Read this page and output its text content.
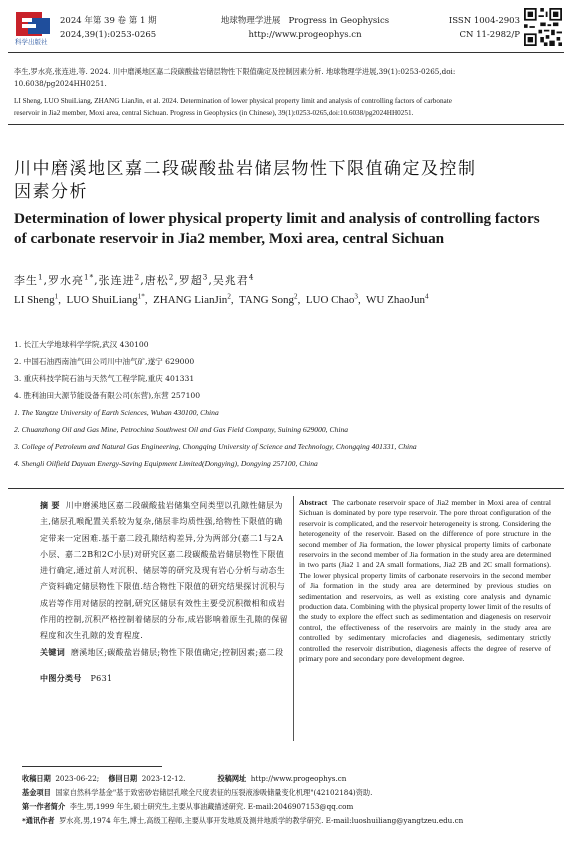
科学出版社
2024 年第 39 卷 第 1 期
2024,39(1):0253-0265
地球物理学进展 Progress in Geophysics
http://www.progeophys.cn
ISSN 1004-2903
CN 11-2982/P
李生,罗水亮,张连进,等. 2024. 川中磨溪地区嘉二段碳酸盐岩储层物性下限值确定及控制因素分析. 地球物理学进展,39(1):0253-0265,doi:
10.6038/pg2024HH0251.
LI Sheng, LUO ShuiLiang, ZHANG LianJin, et al. 2024. Determination of lower physical property limit and analysis of controlling factors of carbonate
reservoir in Jia2 member, Moxi area, central Sichuan. Progress in Geophysics (in Chinese), 39(1):0253-0265,doi:10.6038/pg2024HH0251.
川中磨溪地区嘉二段碳酸盐岩储层物性下限值确定及控制
因素分析
Determination of lower physical property limit and analysis of controlling factors
of carbonate reservoir in Jia2 member, Moxi area, central Sichuan
李生$^1$,罗水亮$^{1*}$,张连进$^2$,唐松$^2$,罗超$^3$,吴兆君$^4$
LI Sheng$^1$,  LUO ShuiLiang$^{1*}$,  ZHANG LianJin$^2$,  TANG Song$^2$,  LUO Chao$^3$,  WU ZhaoJun$^4$
1. 长江大学地球科学学院,武汉 430100
2. 中国石油西南油气田公司川中油气矿,遂宁 629000
3. 重庆科技学院石油与天然气工程学院,重庆 401331
4. 胜利油田大源节能设备有限公司(东营),东营 257100
1. The Yangtze University of Earth Sciences, Wuhan 430100, China
2. Chuanzhong Oil and Gas Mine, Petrochina Southwest Oil and Gas Field Company, Suining 629000, China
3. College of Petroleum and Natural Gas Engineering, Chongqing University of Science and Technology, Chongqing 401331, China
4. Shengli Oilfield Dayuan Energy-Saving Equipment Limited(Dongying), Dongying 257100, China
摘 要 川中磨溪地区嘉二段碳酸盐岩储集空间类型以孔隙性储层为主,储层孔喉配置关系较为复杂,储层非均质性强,给物性下限值的确定带来一定困难.基于嘉二段孔隙结构差异,分为两部分(嘉二1与2A小层、嘉二2B和2C小层)对研究区嘉二段碳酸盐岩储层物性下限值进行确定,通过前人对沉积、储层等的研究及现有岩心分析与动态生产资料确定储层物性下限值.结合物性下限值的研究结果探讨沉积与成岩等作用对储层的控制,研究区储层有效性主要受沉积微相和成岩作用的控制,沉积严格控制着储层的分布,成岩影响着原生孔隙的保留程度和次生孔隙的发育程度.
关键词 磨溪地区;碳酸盐岩储层;物性下限值确定;控制因素;嘉二段
中图分类号 P631
Abstract The carbonate reservoir space of Jia2 member in Moxi area of central Sichuan is dominated by pore type reservoir. The pore throat configuration of the reservoir is complicated, and the reservoir heterogeneity is strong. Considering the heterogeneity of the reservoir. Based on the difference of pore structure in the second member of Jia formation, the lower physical property limits of carbonate reservoirs in the second member of Jia formation in the study area are determined in two parts (Jia2 1 and 2A small formations, Jia2 2B and 2C small formations). The lower physical property limits of carbonate reservoirs in the second member of Jia formation in the study area are determined by previous studies on sedimentation and reservoirs, as well as existing core analysis and dynamic production data. Combining with the physical property lower limit of the results of the study to explore the effect such as sedimentation and diagenesis on reservoir control, the effectiveness of the reservoirs are mainly in the study area are controlled by sedimentary microfacies and diagenesis, sedimentary strictly controlled the reservoir distribution, diagenesis affects the degree of reserve of primary pore and secondary pore development degree.
收稿日期 2023-06-22; 修回日期 2023-12-12.	投稿网址 http://www.progeophys.cn
基金项目 国家自然科学基金"基于致密砂岩储层孔喉全尺度表征的压裂液渗吸储量变化机理"(42102184)资助.
第一作者简介 李生,男,1999 年生,硕士研究生,主要从事油藏描述研究. E-mail:2046907153@qq.com
*通讯作者 罗水亮,男,1974 年生,博士,高级工程师,主要从事开发地质及测井地质学的教学研究. E-mail:luoshuiliang@yangtzeu.edu.cn
